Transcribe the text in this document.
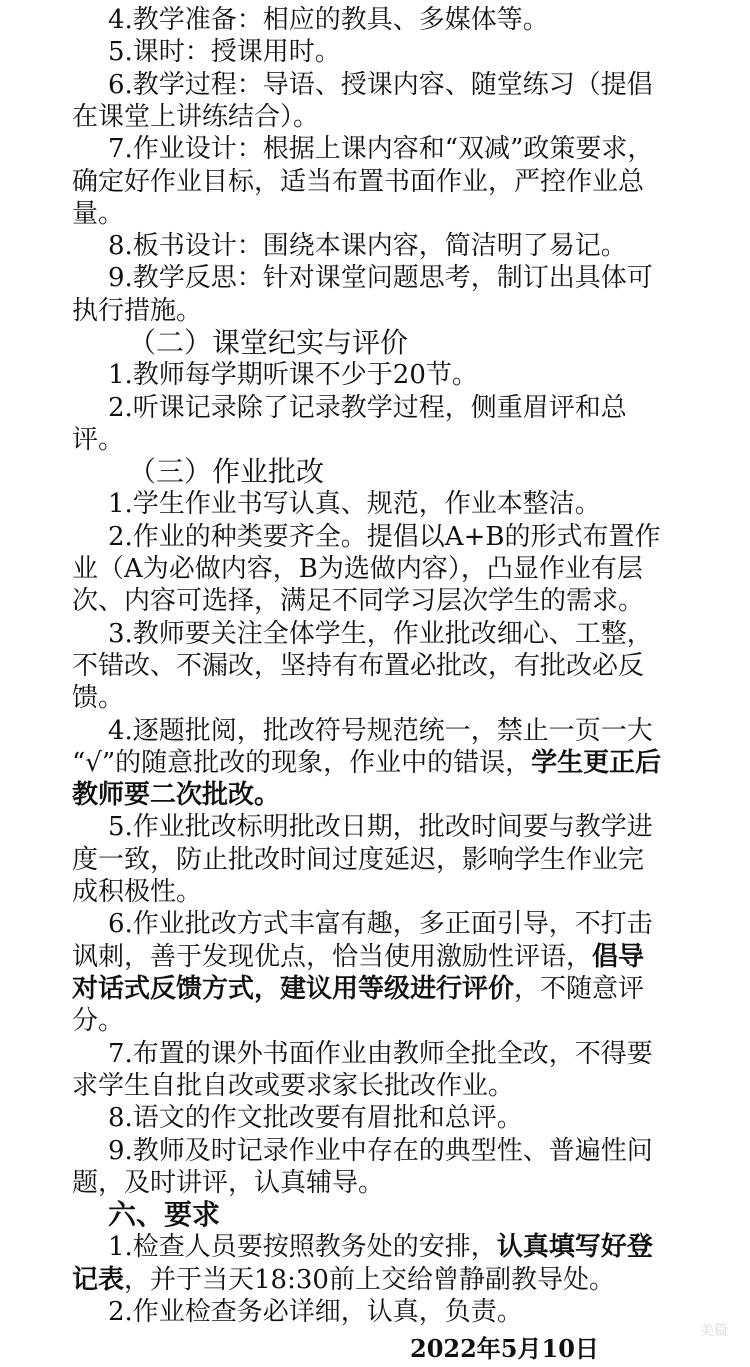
4.教学准备：相应的教具、多媒体等。
5.课时：授课用时。
6.教学过程：导语、授课内容、随堂练习（提倡
在课堂上讲练结合）。
7.作业设计：根据上课内容和“双减”政策要求，
确定好作业目标，适当布置书面作业，严控作业总
量。
8.板书设计：围绕本课内容，简洁明了易记。
9.教学反思：针对课堂问题思考，制订出具体可
执行措施。
（二）课堂纪实与评价
1.教师每学期听课不少于20节。
2.听课记录除了记录教学过程，侧重眉评和总
评。
（三）作业批改
1.学生作业书写认真、规范，作业本整洁。
2.作业的种类要齐全。提倡以A+B的形式布置作
业（A为必做内容，B为选做内容），凸显作业有层
次、内容可选择，满足不同学习层次学生的需求。
3.教师要关注全体学生，作业批改细心、工整，
不错改、不漏改，坚持有布置必批改，有批改必反
馈。
4.逐题批阅，批改符号规范统一，禁止一页一大
“√”的随意批改的现象，作业中的错误，学生更正后
教师要二次批改。
5.作业批改标明批改日期，批改时间要与教学进
度一致，防止批改时间过度延迟，影响学生作业完
成积极性。
6.作业批改方式丰富有趣，多正面引导，不打击
讽刺，善于发现优点，恰当使用激励性评语，倡导
对话式反馈方式，建议用等级进行评价，不随意评
分。
7.布置的课外书面作业由教师全批全改，不得要
求学生自批自改或要求家长批改作业。
8.语文的作文批改要有眉批和总评。
9.教师及时记录作业中存在的典型性、普遍性问
题，及时讲评，认真辅导。
六、要求
1.检查人员要按照教务处的安排，认真填写好登
记表，并于当天18:30前上交给曾静副教导处。
2.作业检查务必详细，认真，负责。
美篇
2022年5月10日
